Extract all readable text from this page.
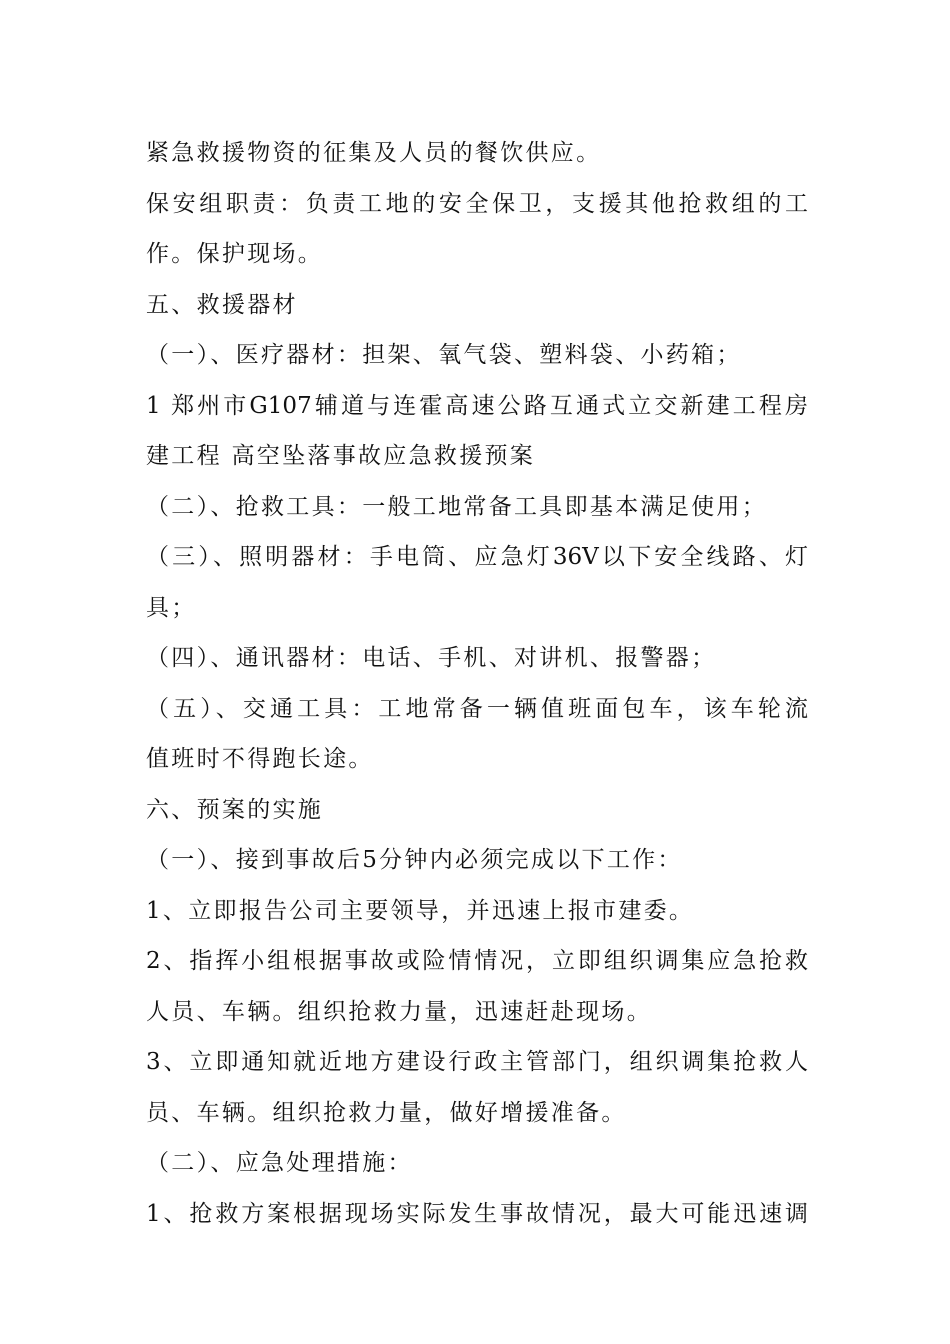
紧急救援物资的征集及人员的餐饮供应。
保安组职责：负责工地的安全保卫，支援其他抢救组的工
作。保护现场。
五、救援器材
（一）、医疗器材：担架、氧气袋、塑料袋、小药箱；
1 郑州市G107辅道与连霍高速公路互通式立交新建工程房
建工程 高空坠落事故应急救援预案
（二）、抢救工具：一般工地常备工具即基本满足使用；
（三）、照明器材：手电筒、应急灯36V以下安全线路、灯
具；
（四）、通讯器材：电话、手机、对讲机、报警器；
（五）、交通工具：工地常备一辆值班面包车，该车轮流
值班时不得跑长途。
六、预案的实施
（一）、接到事故后5分钟内必须完成以下工作：
1、立即报告公司主要领导，并迅速上报市建委。
2、指挥小组根据事故或险情情况，立即组织调集应急抢救
人员、车辆。组织抢救力量，迅速赶赴现场。
3、立即通知就近地方建设行政主管部门，组织调集抢救人
员、车辆。组织抢救力量，做好增援准备。
（二）、应急处理措施：
1、抢救方案根据现场实际发生事故情况，最大可能迅速调
